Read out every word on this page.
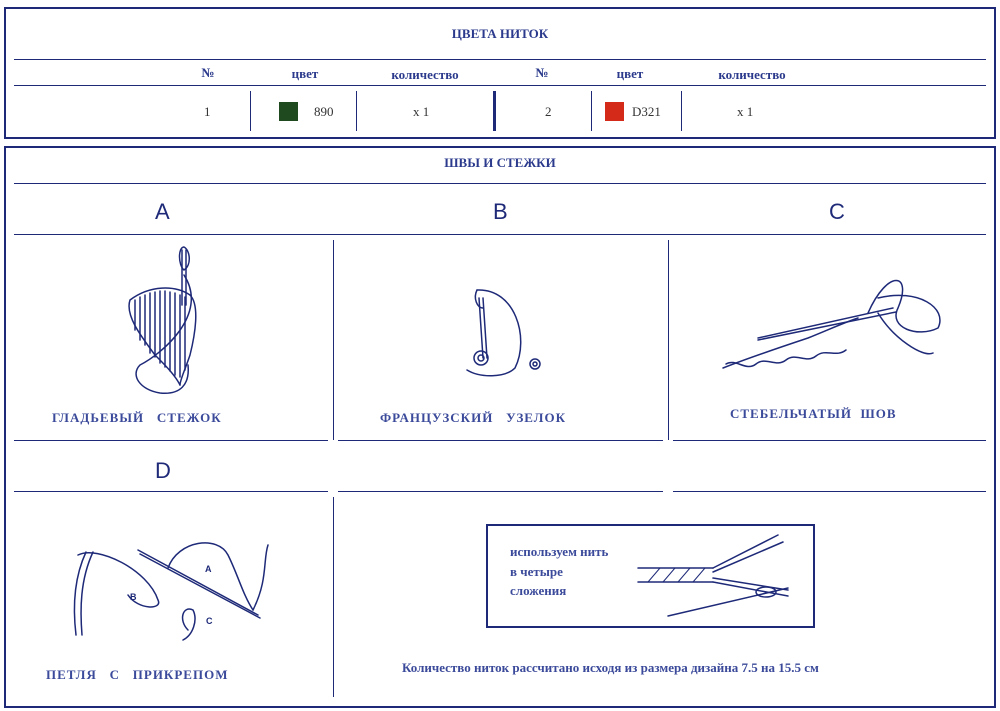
ЦВЕТА НИТОК
№	цвет	количество	№	цвет	количество
1	890	x 1	2	D321	x 1
ШВЫ И СТЕЖКИ
A	B	C
ГЛАДЬЕВЫЙ   СТЕЖОК	ФРАНЦУЗСКИЙ   УЗЕЛОК	СТЕБЕЛЬЧАТЫЙ  ШОВ
D
B
A
C
ПЕТЛЯ   С   ПРИКРЕПОМ
используем нить
в четыре
сложения
Количество ниток рассчитано исходя из размера дизайна 7.5 на 15.5 см
